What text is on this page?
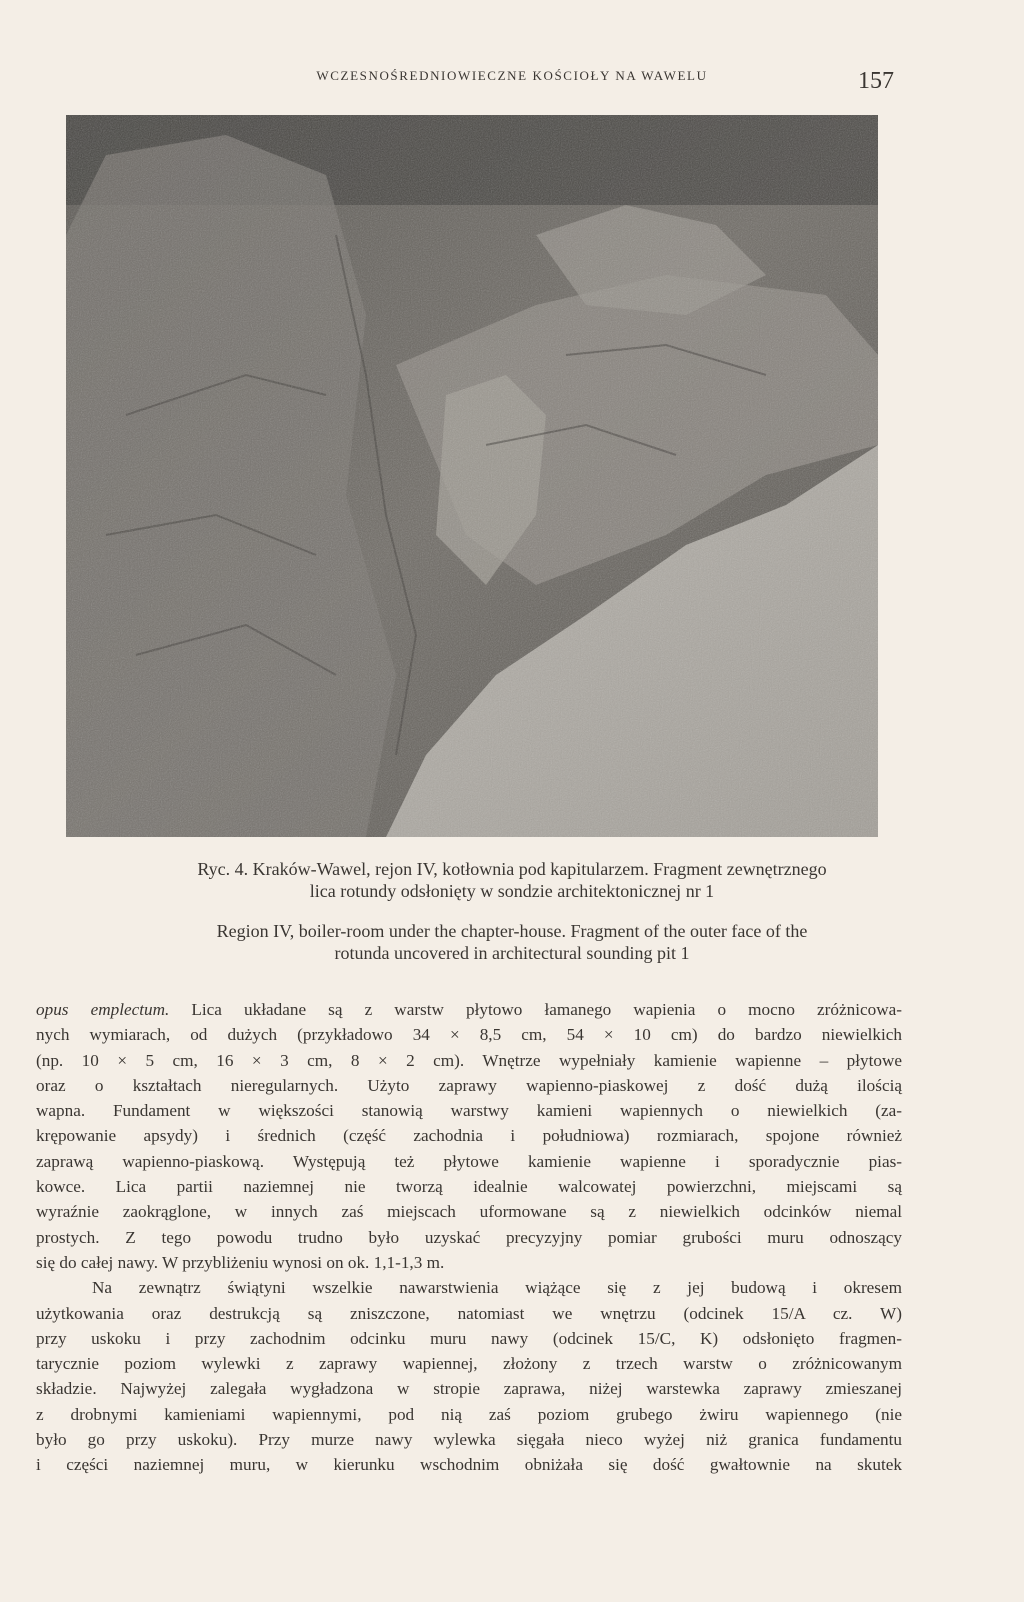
WCZESNOŚREDNIOWIECZNE KOŚCIOŁY NA WAWELU	157
Ryc. 4. Kraków-Wawel, rejon IV, kotłownia pod kapitularzem. Fragment zewnętrznego
lica rotundy odsłonięty w sondzie architektonicznej nr 1
Region IV, boiler-room under the chapter-house. Fragment of the outer face of the
rotunda uncovered in architectural sounding pit 1
opus emplectum. Lica układane są z warstw płytowo łamanego wapienia o mocno zróżnicowa-
nych wymiarach, od dużych (przykładowo 34 × 8,5 cm, 54 × 10 cm) do bardzo niewielkich
(np. 10 × 5 cm, 16 × 3 cm, 8 × 2 cm). Wnętrze wypełniały kamienie wapienne – płytowe
oraz o kształtach nieregularnych. Użyto zaprawy wapienno-piaskowej z dość dużą ilością
wapna. Fundament w większości stanowią warstwy kamieni wapiennych o niewielkich (za-
krępowanie apsydy) i średnich (część zachodnia i południowa) rozmiarach, spojone również
zaprawą wapienno-piaskową. Występują też płytowe kamienie wapienne i sporadycznie pias-
kowce. Lica partii naziemnej nie tworzą idealnie walcowatej powierzchni, miejscami są
wyraźnie zaokrąglone, w innych zaś miejscach uformowane są z niewielkich odcinków niemal
prostych. Z tego powodu trudno było uzyskać precyzyjny pomiar grubości muru odnoszący
się do całej nawy. W przybliżeniu wynosi on ok. 1,1-1,3 m.
Na zewnątrz świątyni wszelkie nawarstwienia wiążące się z jej budową i okresem
użytkowania oraz destrukcją są zniszczone, natomiast we wnętrzu (odcinek 15/A cz. W)
przy uskoku i przy zachodnim odcinku muru nawy (odcinek 15/C, K) odsłonięto fragmen-
tarycznie poziom wylewki z zaprawy wapiennej, złożony z trzech warstw o zróżnicowanym
składzie. Najwyżej zalegała wygładzona w stropie zaprawa, niżej warstewka zaprawy zmieszanej
z drobnymi kamieniami wapiennymi, pod nią zaś poziom grubego żwiru wapiennego (nie
było go przy uskoku). Przy murze nawy wylewka sięgała nieco wyżej niż granica fundamentu
i części naziemnej muru, w kierunku wschodnim obniżała się dość gwałtownie na skutek
